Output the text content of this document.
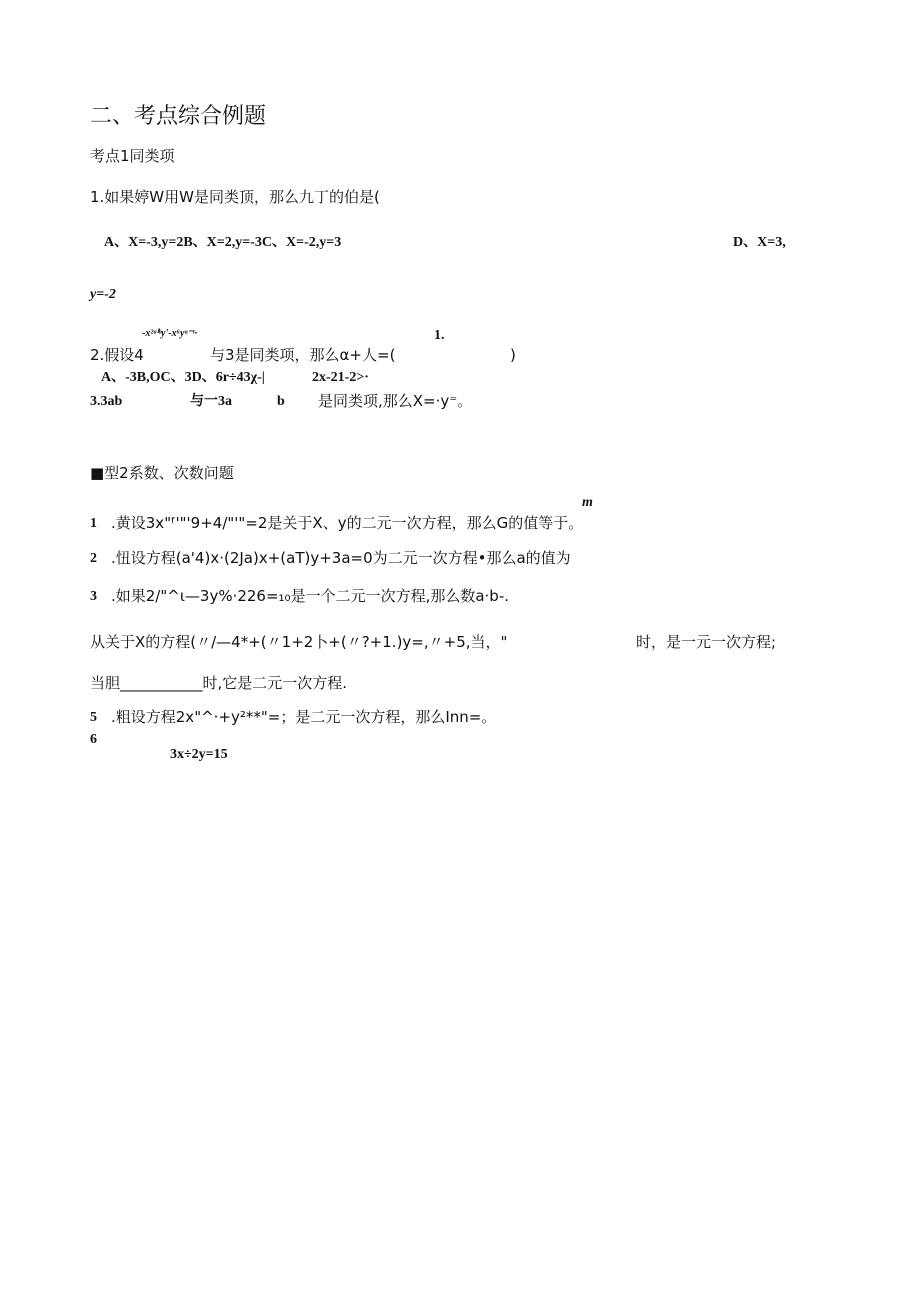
二、考点综合例题
考点1同类项
1.如果婷W用W是同类顶，那么九丁的伯是(
A、X=-3,y=2B、X=2,y=-3C、X=-2,y=3	D、X=3,
y=-2
-x²ᵃⁱᵇy'-x⁶yᵃ⁻ᵗ·	1.
2.假设4	与3是同类项，那么α+人=(	)
A、-3B,OC、3D、6r÷43χ-|	2x-21-2>·
3.3ab	与一3a	b 是同类项,那么X=·y⁼。
■型2系数、次数问题
m
1 .黄设3x"ᶠ'"'9+4/"'"=2是关于X、y的二元一次方程，那么G的值等于。
2 .忸设方程(a'4)x·(2Ja)x+(aT)y+3a=0为二元一次方程•那么a的值为
3 .如果2/"^ι—3y%·226=₁₀是一个二元一次方程,那么数a·b-.
从关于X的方程(〃/—4*+(〃1+2卜+(〃?+1.)y=,〃+5,当，"	时，是一元一次方程;
当胆___________时,它是二元一次方程.
5 .粗设方程2x"^·+y²**"=；是二元一次方程，那么Inn=。
6
3x÷2y=15
